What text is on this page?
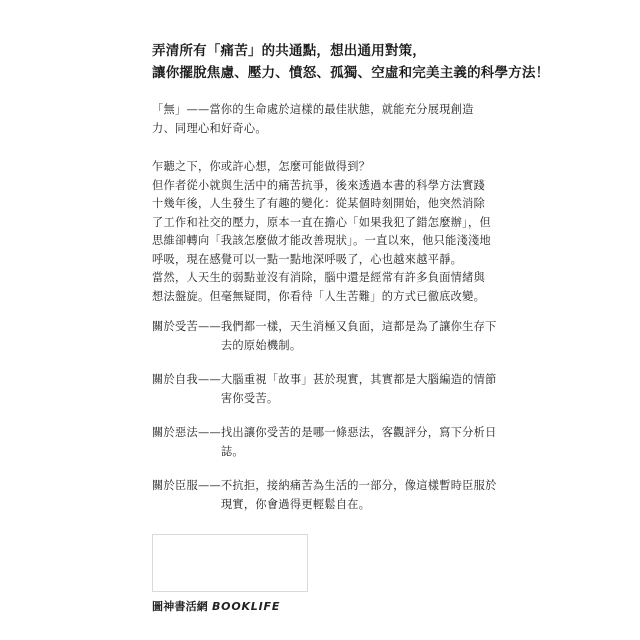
弄清所有「痛苦」的共通點，想出通用對策，
讓你擺脫焦慮、壓力、憤怒、孤獨、空虛和完美主義的科學方法！
「無」——當你的生命處於這樣的最佳狀態，就能充分展現創造力、同理心和好奇心。

乍聽之下，你或許心想，怎麼可能做得到？

但作者從小就與生活中的痛苦抗爭，後來透過本書的科學方法實踐十幾年後，人生發生了有趣的變化：從某個時刻開始，他突然消除了工作和社交的壓力，原本一直在擔心「如果我犯了錯怎麼辦」，但思維卻轉向「我該怎麼做才能改善現狀」。一直以來，他只能淺淺地呼吸，現在感覺可以一點一點地深呼吸了，心也越來越平靜。

當然，人天生的弱點並沒有消除，腦中還是經常有許多負面情緒與想法盤旋。但毫無疑問，你看待「人生苦難」的方式已徹底改變。

關於受苦—— 我們都一樣，天生消極又負面，這都是為了讓你生存下去的原始機制。
關於自我—— 大腦重視「故事」甚於現實，其實都是大腦編造的情節害你受苦。
關於惡法—— 找出讓你受苦的是哪一條惡法，客觀評分，寫下分析日誌。
關於臣服—— 不抗拒，接納痛苦為生活的一部分，像這樣暫時臣服於現實，你會過得更輕鬆自在。
圖神書活網 BOOKLIFE
